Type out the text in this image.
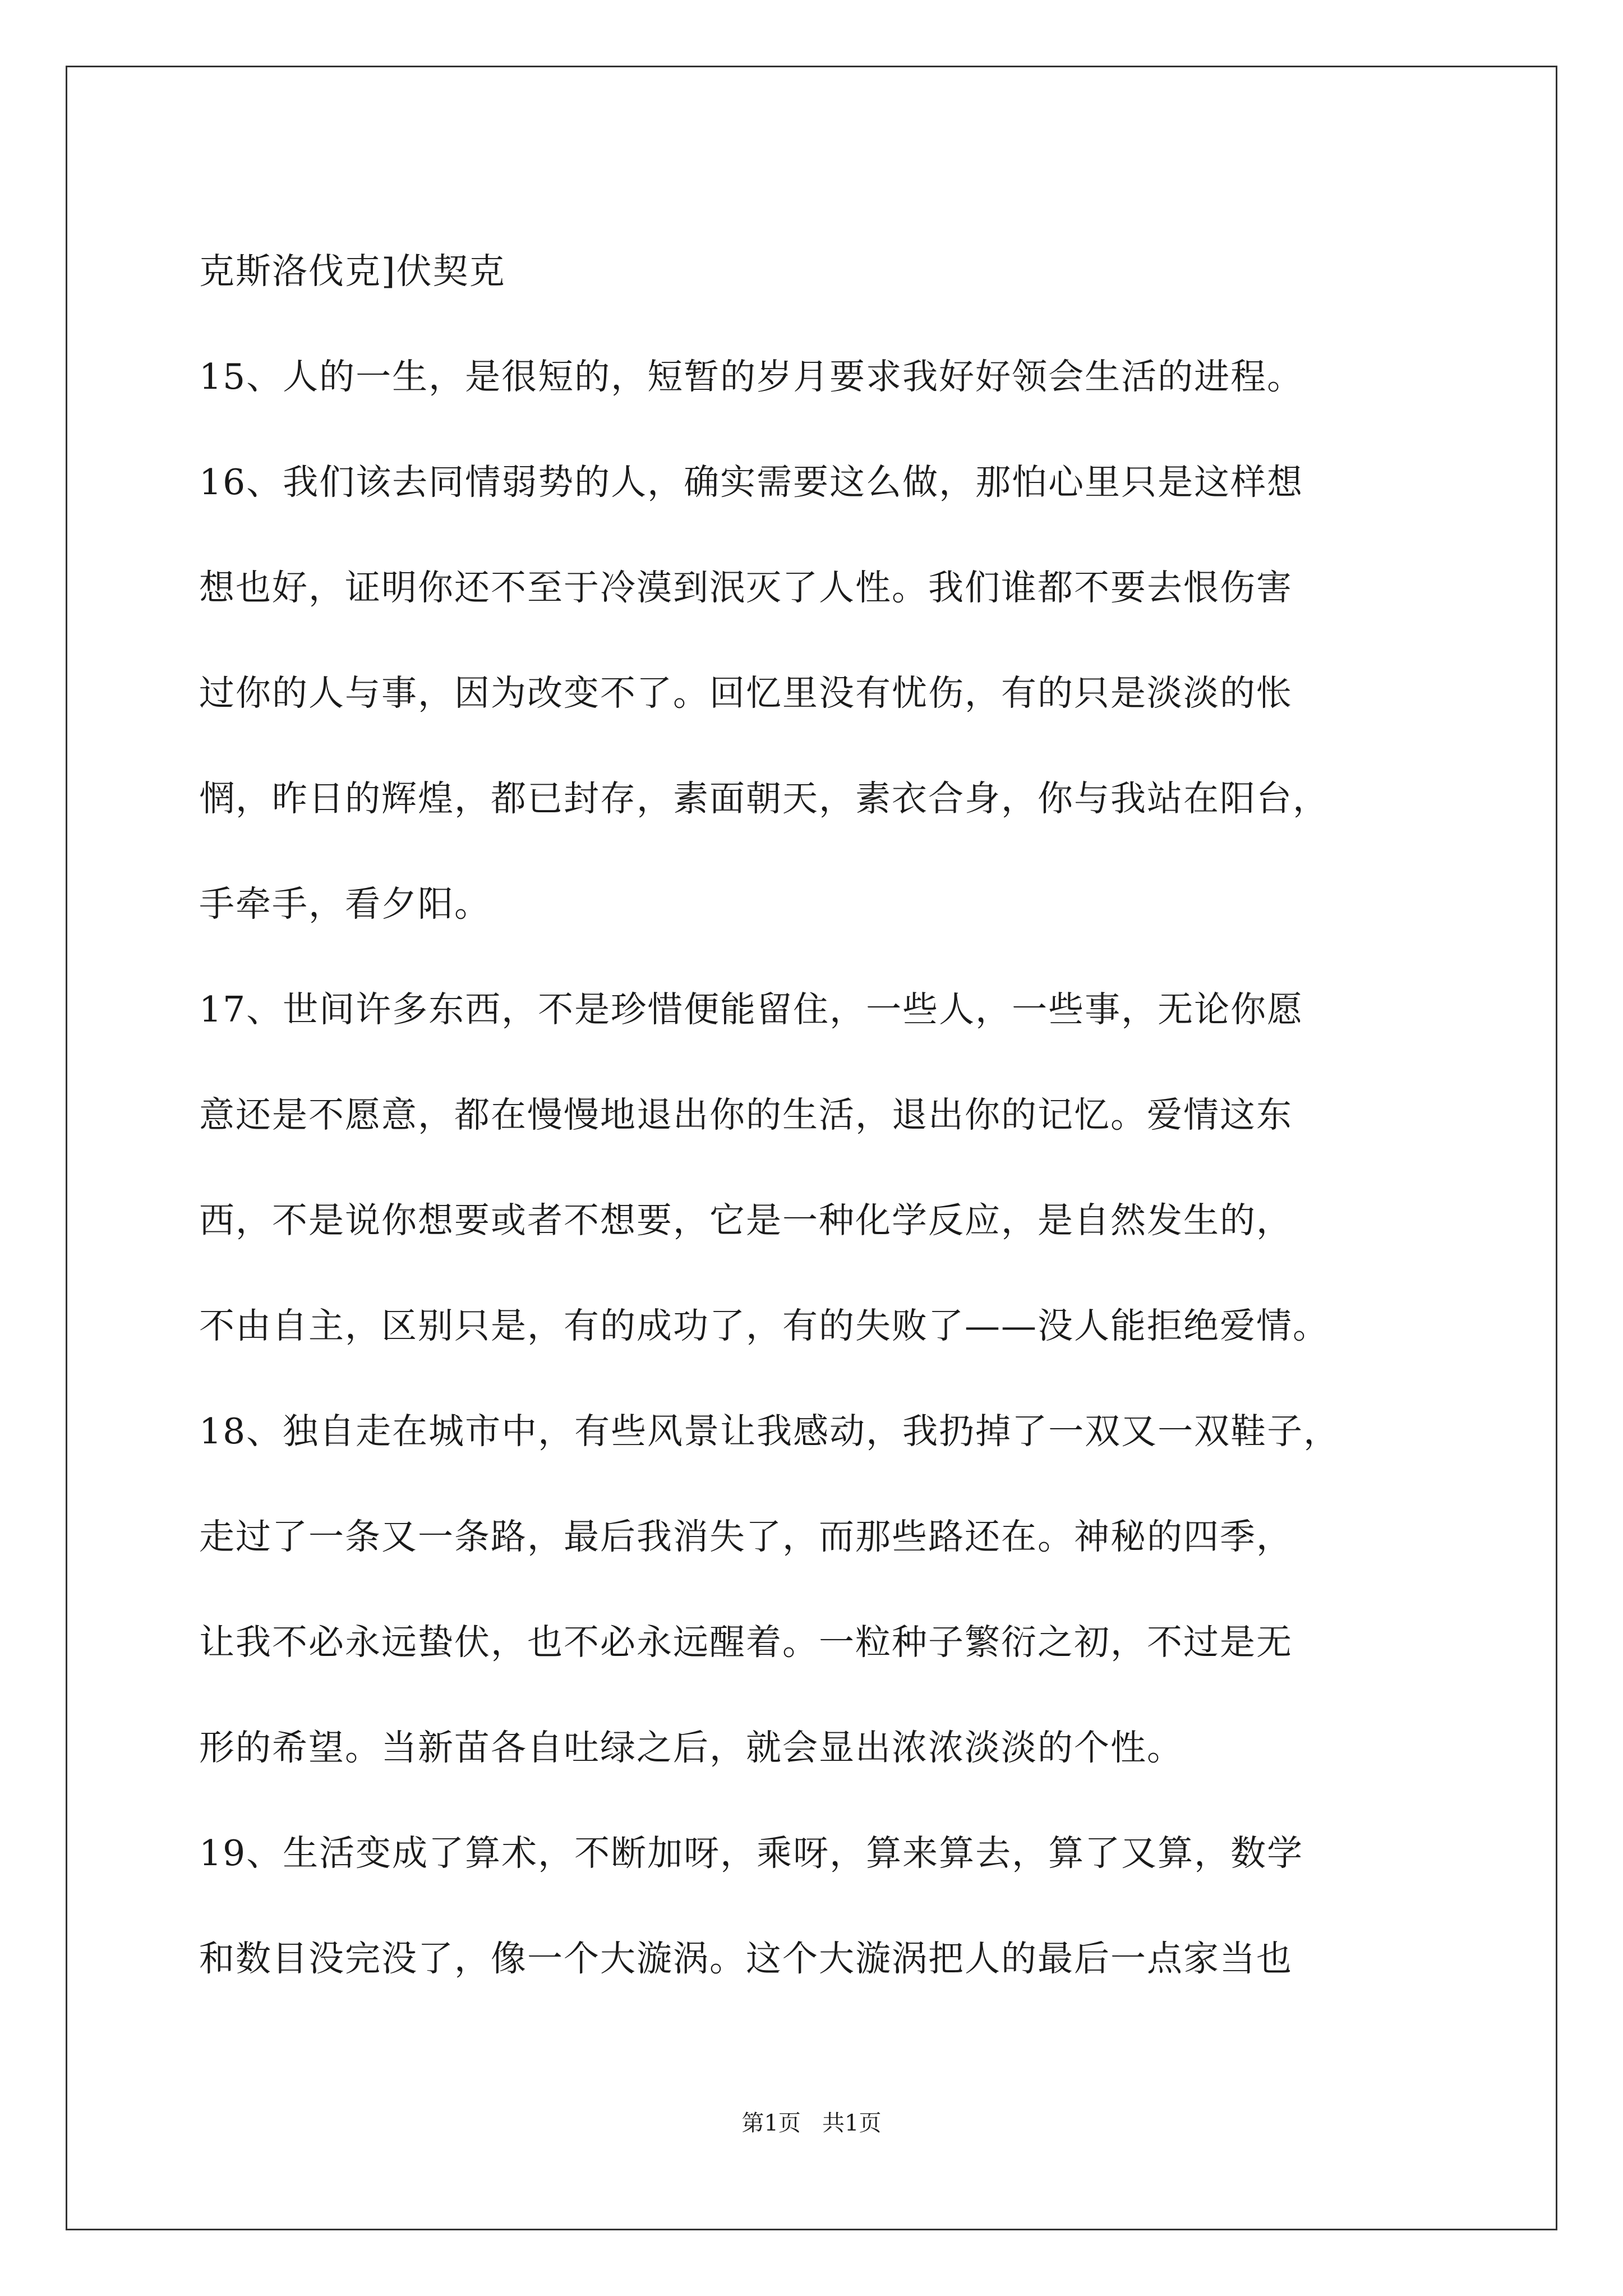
克斯洛伐克]伏契克
15、人的一生，是很短的，短暂的岁月要求我好好领会生活的进程。
16、我们该去同情弱势的人，确实需要这么做，那怕心里只是这样想
想也好，证明你还不至于冷漠到泯灭了人性。我们谁都不要去恨伤害
过你的人与事，因为改变不了。回忆里没有忧伤，有的只是淡淡的怅
惘，昨日的辉煌，都已封存，素面朝天，素衣合身，你与我站在阳台，
手牵手，看夕阳。
17、世间许多东西，不是珍惜便能留住，一些人，一些事，无论你愿
意还是不愿意，都在慢慢地退出你的生活，退出你的记忆。爱情这东
西，不是说你想要或者不想要，它是一种化学反应，是自然发生的，
不由自主，区别只是，有的成功了，有的失败了——没人能拒绝爱情。
18、独自走在城市中，有些风景让我感动，我扔掉了一双又一双鞋子，
走过了一条又一条路，最后我消失了，而那些路还在。神秘的四季，
让我不必永远蛰伏，也不必永远醒着。一粒种子繁衍之初，不过是无
形的希望。当新苗各自吐绿之后，就会显出浓浓淡淡的个性。
19、生活变成了算术，不断加呀，乘呀，算来算去，算了又算，数学
和数目没完没了，像一个大漩涡。这个大漩涡把人的最后一点家当也
第1页   共1页
